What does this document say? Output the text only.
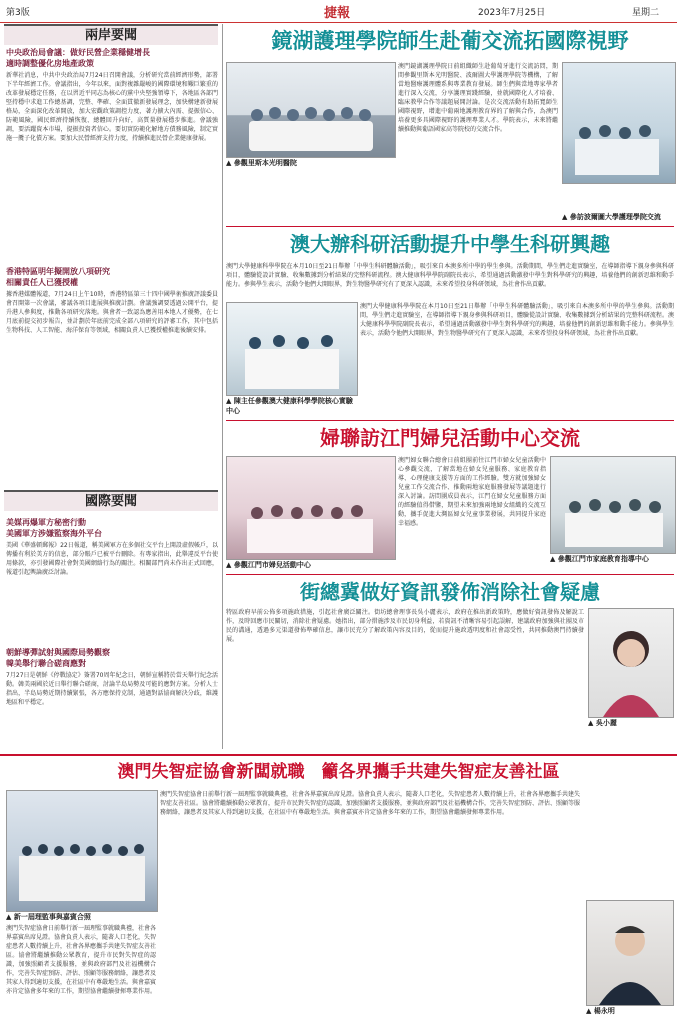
第3版	捷報	2023年7月25日	星期二
兩岸要聞
中央政治局會議：做好民營企業穩健增長
適時調整優化房地產政策
新華社消息，中共中央政治局7月24日召開會議，分析研究當前經濟形勢，部署下半年經濟工作。會議指出，今年以來，面對複雜嚴峻的國際環境和艱巨繁重的改革發展穩定任務，在以習近平同志為核心的黨中央堅強領導下，各地區各部門堅持穩中求進工作總基調，完整、準確、全面貫徹新發展理念，加快構建新發展格局，全面深化改革開放，加大宏觀政策調控力度，著力擴大內需、提振信心、防範風險，國民經濟持續恢復、總體回升向好，高質量發展穩步推進。會議強調，要活躍資本市場，提振投資者信心。要切實防範化解地方債務風險，制定實施一攬子化債方案。要加大民營經濟支持力度，持續推進民營企業健康發展。
香港特區明年擬開放八項研究
相關責任人已獲授權
據香港媒體報道，7月24日上午10時，香港特區第三十四中國學術推廣評議委員會召開第一次會議，審議各項目進展與推廣計劃。會議強調要透過公開平台，提升港人參與度，推動各項研究落地。與會者一致認為應善用本地人才優勢，在七月底前提交初步報告，並計劃於年底前完成全部八項研究的評審工作，其中包括生物科技、人工智能、海洋保育等領域，相關負責人已獲授權推進後續安排。
國際要聞
美媒再爆軍方秘密行動
美國軍方涉嫌監察海外平台
美國《華盛頓郵報》22日報道，稱美國軍方在多個社交平台上開設虛假帳戶，以傳播有利於美方的信息，部分賬戶已被平台刪除。有專家指出，此舉違反平台使用條款，亦引發國際社會對美國網絡行為的關注。相關部門尚未作出正式回應，報道引起輿論廣泛討論。
朝鮮導彈試射與國際局勢觀察
韓美舉行聯合磋商應對
7月27日是朝鮮《停戰協定》簽署70周年紀念日，朝鮮宣稱將於當天舉行紀念活動。韓美兩國於近日舉行聯合磋商，討論半島局勢及可能的應對方案。分析人士指出，半島局勢近期持續緊張，各方應保持克制，通過對話協商解決分歧，維護地區和平穩定。
鏡湖護理學院師生赴葡交流拓國際視野
▲ 參觀里斯本光明醫院
澳門鏡湖護理學院日前組織師生赴葡萄牙進行交流訪問，期間參觀里斯本光明醫院、波爾圖大學護理學院等機構，了解當地醫療護理體系與專業教育發展。師生們與當地專家學者進行深入交流，分享護理實踐經驗，並就國際化人才培養、臨床教學合作等議題展開討論。是次交流活動有助拓寬師生國際視野，增進中葡兩地護理教育界的了解與合作，為澳門培養更多具國際視野的護理專業人才。學院表示，未來將繼續推動與葡語國家高等院校的交流合作。
▲ 參訪波爾圖大學護理學院交流
澳大辦科研活動提升中學生科研興趣
澳門大學健康科學學院在本月10日至21日舉辦「中學生科研體驗活動」，吸引來自本澳多所中學的學生參與。活動期間，學生們走進實驗室，在導師指導下親身參與科研項目，體驗從設計實驗、收集數據到分析結果的完整科研流程。澳大健康科學學院副院長表示，希望通過活動激發中學生對科學研究的興趣，培養他們的創新思維和動手能力。參與學生表示，活動令他們大開眼界，對生物醫學研究有了更深入認識，未來希望投身科研領域，為社會作出貢獻。
▲ 陳主任參觀澳大健康科學學院核心實驗中心
澳門大學健康科學學院在本月10日至21日舉辦「中學生科研體驗活動」，吸引來自本澳多所中學的學生參與。活動期間，學生們走進實驗室，在導師指導下親身參與科研項目，體驗從設計實驗、收集數據到分析結果的完整科研流程。澳大健康科學學院副院長表示，希望通過活動激發中學生對科學研究的興趣，培養他們的創新思維和動手能力。參與學生表示，活動令他們大開眼界，對生物醫學研究有了更深入認識，未來希望投身科研領域，為社會作出貢獻。
婦聯訪江門婦兒活動中心交流
▲ 參觀江門市婦兒活動中心
澳門婦女聯合總會日前組團前往江門市婦女兒童活動中心參觀交流，了解當地在婦女兒童服務、家庭教育指導、心理健康支援等方面的工作經驗。雙方就加強婦女兒童工作交流合作、推動兩地家庭服務發展等議題進行深入討論。訪問團成員表示，江門在婦女兒童服務方面的經驗值得借鑒，期望未來加強兩地婦女組織的交流互動，攜手促進大灣區婦女兒童事業發展，共同提升家庭幸福感。
▲ 參觀江門市家庭教育指導中心
街總冀做好資訊發佈消除社會疑慮
特區政府早前公佈多項施政措施，引起社會廣泛關注。街坊總會理事長吳小麗表示，政府在推出新政策時，應做好資訊發佈及解說工作，及時回應市民關切，消除社會疑慮。她指出，部分措施涉及市民切身利益，若資訊不清晰容易引起誤解，建議政府加強與社團及市民的溝通，透過多元渠道發佈準確信息，讓市民充分了解政策內容及目的，從而提升施政透明度和社會認受性，共同推動澳門持續發展。
▲ 吳小麗
澳門失智症協會新闆就職　籲各界攜手共建失智症友善社區
▲ 新一屆理監事與嘉賓合照
澳門失智症協會日前舉行新一屆理監事就職典禮，社會各界嘉賓出席見證。協會負責人表示，隨著人口老化，失智症患者人數持續上升，社會各界應攜手共建失智症友善社區。協會將繼續推動公眾教育，提升市民對失智症的認識，加強照顧者支援服務，並與政府部門及社福機構合作，完善失智症預防、評估、照顧等服務網絡，讓患者及其家人得到適切支援，在社區中有尊嚴地生活。與會嘉賓亦肯定協會多年來的工作，期望協會繼續發揮專業作用。
澳門失智症協會日前舉行新一屆理監事就職典禮，社會各界嘉賓出席見證。協會負責人表示，隨著人口老化，失智症患者人數持續上升，社會各界應攜手共建失智症友善社區。協會將繼續推動公眾教育，提升市民對失智症的認識，加強照顧者支援服務，並與政府部門及社福機構合作，完善失智症預防、評估、照顧等服務網絡，讓患者及其家人得到適切支援，在社區中有尊嚴地生活。與會嘉賓亦肯定協會多年來的工作，期望協會繼續發揮專業作用。
▲ 楊永明
